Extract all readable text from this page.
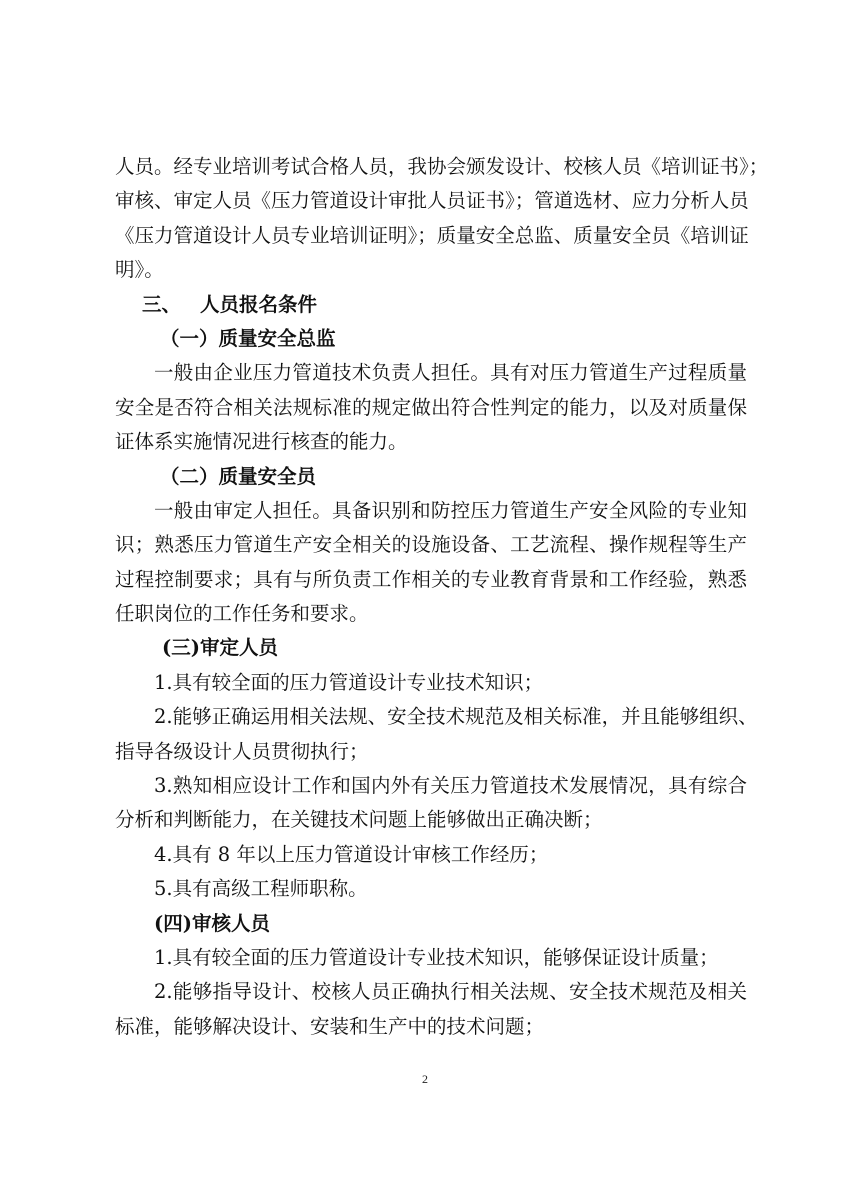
人员。经专业培训考试合格人员，我协会颁发设计、校核人员《培训证书》；
审核、审定人员《压力管道设计审批人员证书》；管道选材、应力分析人员
《压力管道设计人员专业培训证明》；质量安全总监、质量安全员《培训证
明》。
三、 人员报名条件
（一）质量安全总监
一般由企业压力管道技术负责人担任。具有对压力管道生产过程质量
安全是否符合相关法规标准的规定做出符合性判定的能力，以及对质量保
证体系实施情况进行核查的能力。
（二）质量安全员
一般由审定人担任。具备识别和防控压力管道生产安全风险的专业知
识；熟悉压力管道生产安全相关的设施设备、工艺流程、操作规程等生产
过程控制要求；具有与所负责工作相关的专业教育背景和工作经验，熟悉
任职岗位的工作任务和要求。
(三)审定人员
1.具有较全面的压力管道设计专业技术知识；
2.能够正确运用相关法规、安全技术规范及相关标准，并且能够组织、
指导各级设计人员贯彻执行；
3.熟知相应设计工作和国内外有关压力管道技术发展情况，具有综合
分析和判断能力，在关键技术问题上能够做出正确决断；
4.具有 8 年以上压力管道设计审核工作经历；
5.具有高级工程师职称。
(四)审核人员
1.具有较全面的压力管道设计专业技术知识，能够保证设计质量；
2.能够指导设计、校核人员正确执行相关法规、安全技术规范及相关
标准，能够解决设计、安装和生产中的技术问题；
2
